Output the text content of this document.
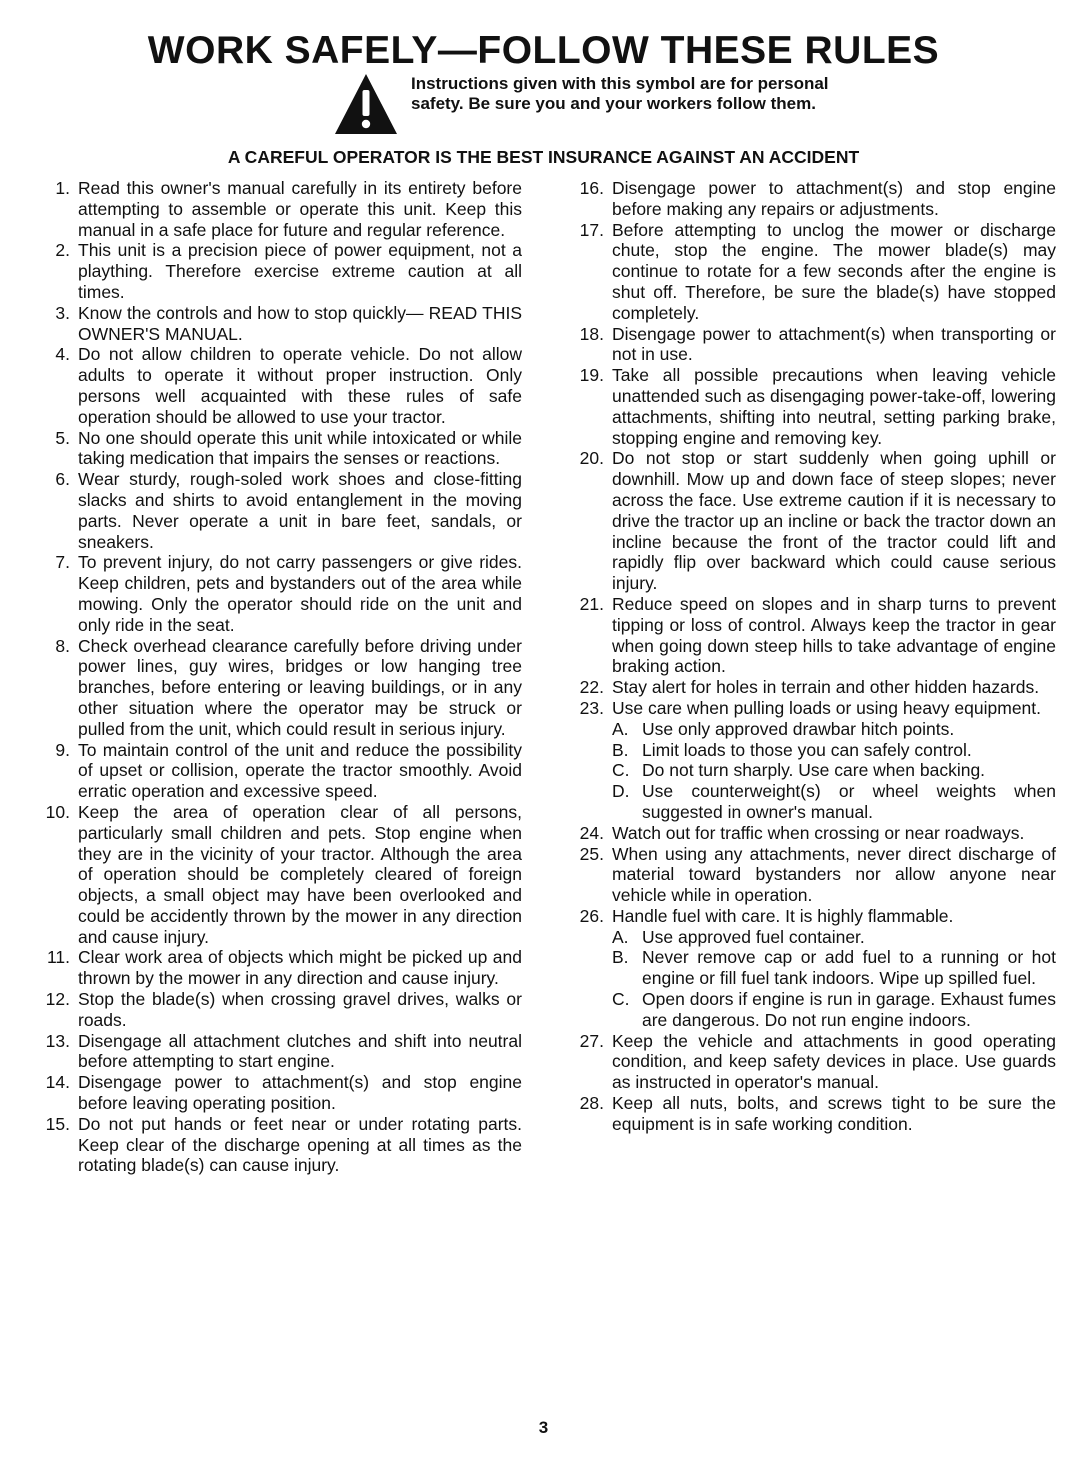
WORK SAFELY—FOLLOW THESE RULES
Instructions given with this symbol are for personal safety. Be sure you and your workers follow them.
A CAREFUL OPERATOR IS THE BEST INSURANCE AGAINST AN ACCIDENT
1. Read this owner's manual carefully in its entirety before attempting to assemble or operate this unit. Keep this manual in a safe place for future and regular reference.
2. This unit is a precision piece of power equipment, not a plaything. Therefore exercise extreme caution at all times.
3. Know the controls and how to stop quickly— READ THIS OWNER'S MANUAL.
4. Do not allow children to operate vehicle. Do not allow adults to operate it without proper instruction. Only persons well acquainted with these rules of safe operation should be allowed to use your tractor.
5. No one should operate this unit while intoxicated or while taking medication that impairs the senses or reactions.
6. Wear sturdy, rough-soled work shoes and close-fitting slacks and shirts to avoid entanglement in the moving parts. Never operate a unit in bare feet, sandals, or sneakers.
7. To prevent injury, do not carry passengers or give rides. Keep children, pets and bystanders out of the area while mowing. Only the operator should ride on the unit and only ride in the seat.
8. Check overhead clearance carefully before driving under power lines, guy wires, bridges or low hanging tree branches, before entering or leaving buildings, or in any other situation where the operator may be struck or pulled from the unit, which could result in serious injury.
9. To maintain control of the unit and reduce the possibility of upset or collision, operate the tractor smoothly. Avoid erratic operation and excessive speed.
10. Keep the area of operation clear of all persons, particularly small children and pets. Stop engine when they are in the vicinity of your tractor. Although the area of operation should be completely cleared of foreign objects, a small object may have been overlooked and could be accidently thrown by the mower in any direction and cause injury.
11. Clear work area of objects which might be picked up and thrown by the mower in any direction and cause injury.
12. Stop the blade(s) when crossing gravel drives, walks or roads.
13. Disengage all attachment clutches and shift into neutral before attempting to start engine.
14. Disengage power to attachment(s) and stop engine before leaving operating position.
15. Do not put hands or feet near or under rotating parts. Keep clear of the discharge opening at all times as the rotating blade(s) can cause injury.
16. Disengage power to attachment(s) and stop engine before making any repairs or adjustments.
17. Before attempting to unclog the mower or discharge chute, stop the engine. The mower blade(s) may continue to rotate for a few seconds after the engine is shut off. Therefore, be sure the blade(s) have stopped completely.
18. Disengage power to attachment(s) when transporting or not in use.
19. Take all possible precautions when leaving vehicle unattended such as disengaging power-take-off, lowering attachments, shifting into neutral, setting parking brake, stopping engine and removing key.
20. Do not stop or start suddenly when going uphill or downhill. Mow up and down face of steep slopes; never across the face. Use extreme caution if it is necessary to drive the tractor up an incline or back the tractor down an incline because the front of the tractor could lift and rapidly flip over backward which could cause serious injury.
21. Reduce speed on slopes and in sharp turns to prevent tipping or loss of control. Always keep the tractor in gear when going down steep hills to take advantage of engine braking action.
22. Stay alert for holes in terrain and other hidden hazards.
23. Use care when pulling loads or using heavy equipment.
A. Use only approved drawbar hitch points.
B. Limit loads to those you can safely control.
C. Do not turn sharply. Use care when backing.
D. Use counterweight(s) or wheel weights when suggested in owner's manual.
24. Watch out for traffic when crossing or near roadways.
25. When using any attachments, never direct discharge of material toward bystanders nor allow anyone near vehicle while in operation.
26. Handle fuel with care. It is highly flammable.
A. Use approved fuel container.
B. Never remove cap or add fuel to a running or hot engine or fill fuel tank indoors. Wipe up spilled fuel.
C. Open doors if engine is run in garage. Exhaust fumes are dangerous. Do not run engine indoors.
27. Keep the vehicle and attachments in good operating condition, and keep safety devices in place. Use guards as instructed in operator's manual.
28. Keep all nuts, bolts, and screws tight to be sure the equipment is in safe working condition.
3
